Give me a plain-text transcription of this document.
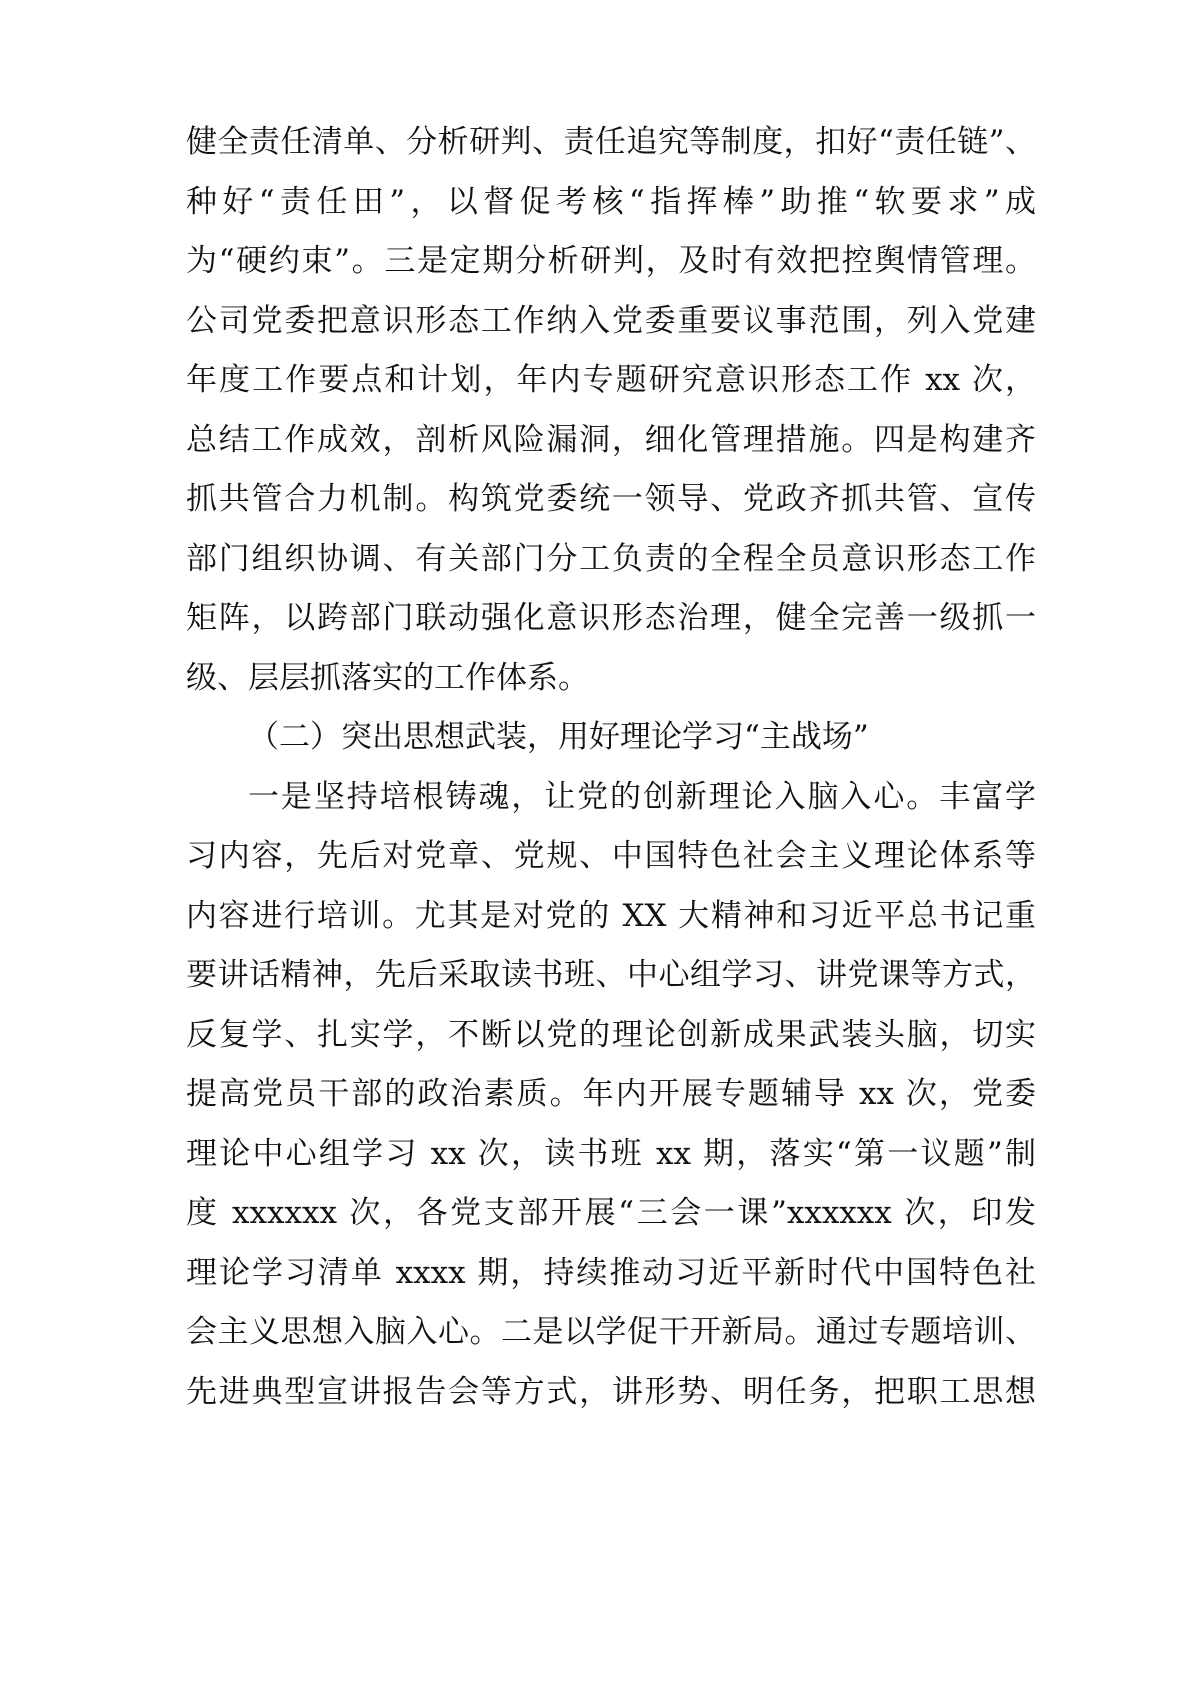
健全责任清单、分析研判、责任追究等制度，扣好“责任链”、
种好“责任田”，以督促考核“指挥棒”助推“软要求”成
为“硬约束”。三是定期分析研判，及时有效把控舆情管理。
公司党委把意识形态工作纳入党委重要议事范围，列入党建
年度工作要点和计划，年内专题研究意识形态工作 xx 次，
总结工作成效，剖析风险漏洞，细化管理措施。四是构建齐
抓共管合力机制。构筑党委统一领导、党政齐抓共管、宣传
部门组织协调、有关部门分工负责的全程全员意识形态工作
矩阵，以跨部门联动强化意识形态治理，健全完善一级抓一
级、层层抓落实的工作体系。
（二）突出思想武装，用好理论学习“主战场”
一是坚持培根铸魂，让党的创新理论入脑入心。丰富学
习内容，先后对党章、党规、中国特色社会主义理论体系等
内容进行培训。尤其是对党的 XX 大精神和习近平总书记重
要讲话精神，先后采取读书班、中心组学习、讲党课等方式，
反复学、扎实学，不断以党的理论创新成果武装头脑，切实
提高党员干部的政治素质。年内开展专题辅导 xx 次，党委
理论中心组学习 xx 次，读书班 xx 期，落实“第一议题”制
度 xxxxxx 次，各党支部开展“三会一课”xxxxxx 次，印发
理论学习清单 xxxx 期，持续推动习近平新时代中国特色社
会主义思想入脑入心。二是以学促干开新局。通过专题培训、
先进典型宣讲报告会等方式，讲形势、明任务，把职工思想
